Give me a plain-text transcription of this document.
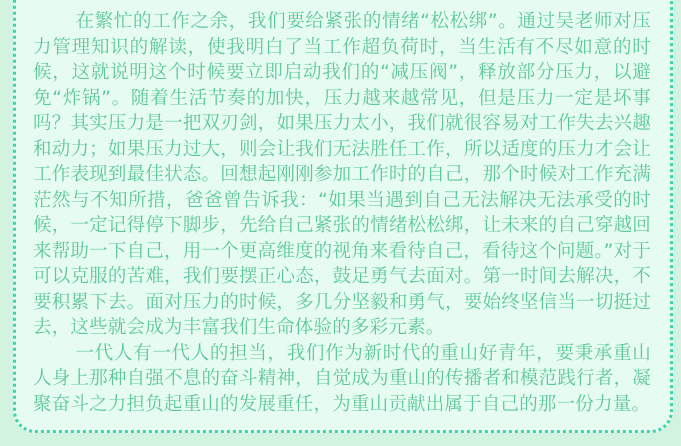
在繁忙的工作之余，我们要给紧张的情绪“松松绑”。通过吴老师对压力管理知识的解读，使我明白了当工作超负荷时，当生活有不尽如意的时候，这就说明这个时候要立即启动我们的“减压阀”，释放部分压力，以避免“炸锅”。随着生活节奏的加快，压力越来越常见，但是压力一定是坏事吗？其实压力是一把双刃剑，如果压力太小，我们就很容易对工作失去兴趣和动力；如果压力过大，则会让我们无法胜任工作，所以适度的压力才会让工作表现到最佳状态。回想起刚刚参加工作时的自己，那个时候对工作充满茫然与不知所措，爸爸曾告诉我：“如果当遇到自己无法解决无法承受的时候，一定记得停下脚步，先给自己紧张的情绪松松绑，让未来的自己穿越回来帮助一下自己，用一个更高维度的视角来看待自己，看待这个问题。”对于可以克服的苦难，我们要摆正心态，鼓足勇气去面对。第一时间去解决，不要积累下去。面对压力的时候，多几分坚毅和勇气，要始终坚信当一切挺过去，这些就会成为丰富我们生命体验的多彩元素。

一代人有一代人的担当，我们作为新时代的重山好青年，要秉承重山人身上那种自强不息的奋斗精神，自觉成为重山的传播者和模范践行者，凝聚奋斗之力担负起重山的发展重任，为重山贡献出属于自己的那一份力量。
